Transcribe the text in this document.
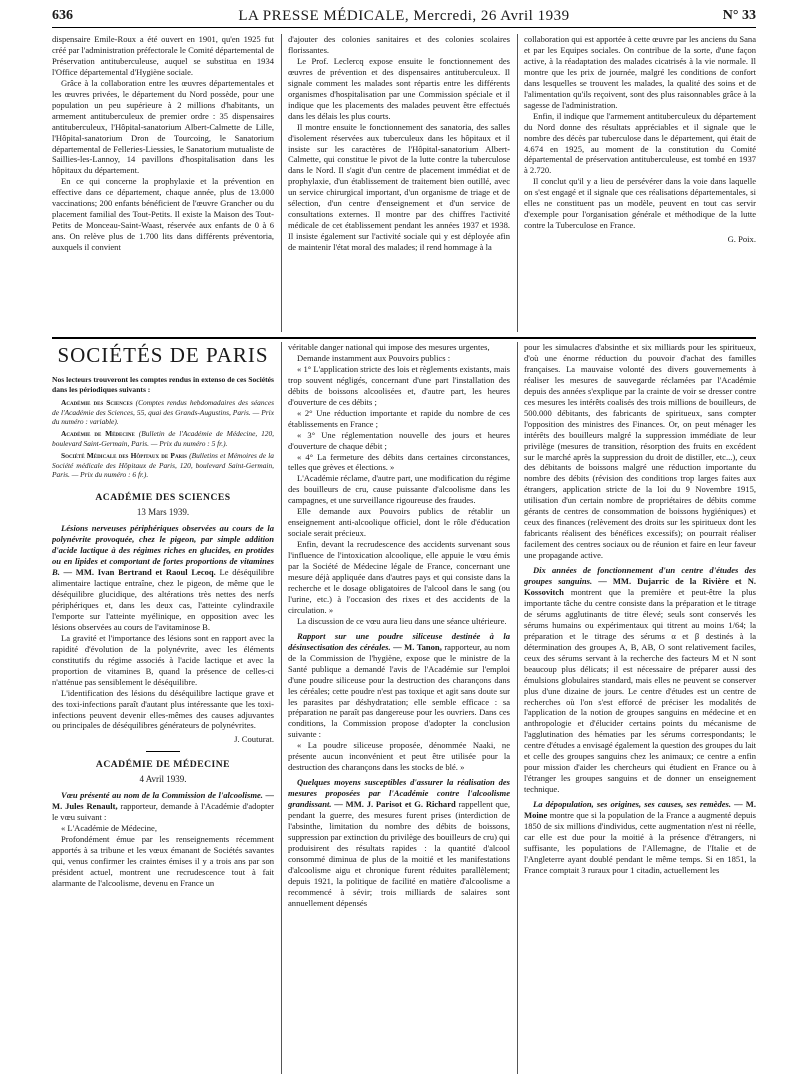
636	LA PRESSE MÉDICALE, Mercredi, 26 Avril 1939	N° 33

dispensaire Emile-Roux a été ouvert en 1901, qu'en 1925 fut créé par l'administration préfectorale le Comité départemental de Préservation antituberculeuse, auquel se substitua en 1934 l'Office départemental d'Hygiène sociale.

Grâce à la collaboration entre les œuvres départementales et les œuvres privées, le département du Nord possède, pour une population un peu supérieure à 2 millions d'habitants, un armement antituberculeux de premier ordre : 35 dispensaires antituberculeux, l'Hôpital-sanatorium Albert-Calmette de Lille, l'Hôpital-sanatorium Dron de Tourcoing, le Sanatorium départemental de Felleries-Liessies, le Sanatorium mutualiste de Saillies-les-Lannoy, 14 pavillons d'hospitalisation dans les hôpitaux du département.

En ce qui concerne la prophylaxie et la prévention en effective dans ce département, chaque année, plus de 13.000 vaccinations; 200 enfants bénéficient de l'œuvre Grancher ou du placement familial des Tout-Petits. Il existe la Maison des Tout-Petits de Monceau-Saint-Waast, réservée aux enfants de 0 à 6 ans. On relève plus de 1.700 lits dans différents préventoria, auxquels il convient

d'ajouter des colonies sanitaires et des colonies scolaires florissantes.

Le Prof. Leclercq expose ensuite le fonctionnement des œuvres de prévention et des dispensaires antituberculeux. Il signale comment les malades sont répartis entre les différents organismes d'hospitalisation par une Commission spéciale et il indique que les placements des malades peuvent être effectués dans les délais les plus courts.

Il montre ensuite le fonctionnement des sanatoria, des salles d'isolement réservées aux tuberculeux dans les hôpitaux et il insiste sur les caractères de l'Hôpital-sanatorium Albert-Calmette, qui constitue le pivot de la lutte contre la tuberculose dans le Nord. Il s'agit d'un centre de placement immédiat et de prophylaxie, d'un établissement de traitement bien outillé, avec un service chirurgical important, d'un organisme de triage et de sélection, d'un centre d'enseignement et d'un service de consultations externes. Il montre par des chiffres l'activité médicale de cet établissement pendant les années 1937 et 1938. Il insiste également sur l'activité sociale qui y est déployée afin de maintenir l'état moral des malades; il rend hommage à la

collaboration qui est apportée à cette œuvre par les anciens du Sana et par les Equipes sociales. On contribue de la sorte, d'une façon active, à la réadaptation des malades cicatrisés à la vie normale. Il montre que les prix de journée, malgré les conditions de confort dans lesquelles se trouvent les malades, la qualité des soins et de l'alimentation qu'ils reçoivent, sont des plus raisonnables grâce à la sagesse de l'administration.

Enfin, il indique que l'armement antituberculeux du département du Nord donne des résultats appréciables et il signale que le nombre des décès par tuberculose dans le département, qui était de 4.674 en 1925, au moment de la constitution du Comité départemental de préservation antituberculeuse, est tombé en 1937 à 2.720.

Il conclut qu'il y a lieu de persévérer dans la voie dans laquelle on s'est engagé et il signale que ces réalisations départementales, si elles ne constituent pas un modèle, peuvent en tout cas servir d'exemple pour l'organisation générale et méthodique de la lutte contre la Tuberculose en France.

G. Poix.
SOCIÉTÉS DE PARIS
Nos lecteurs trouveront les comptes rendus in extenso de ces Sociétés dans les périodiques suivants :
Académie des Sciences (Comptes rendus hebdomadaires des séances de l'Académie des Sciences, 55, quai des Grands-Augustins, Paris. — Prix du numéro : variable).
Académie de Médecine (Bulletin de l'Académie de Médecine, 120, boulevard Saint-Germain, Paris. — Prix du numéro : 5 fr.).
Société Médicale des Hôpitaux de Paris (Bulletins et Mémoires de la Société médicale des Hôpitaux de Paris, 120, boulevard Saint-Germain, Paris. — Prix du numéro : 6 fr.).
ACADÉMIE DES SCIENCES
13 Mars 1939.

Lésions nerveuses périphériques observées au cours de la polynévrite provoquée, chez le pigeon, par simple addition d'acide lactique à des régimes riches en glucides, en protides ou en lipides et comportant de fortes proportions de vitamines B. — MM. Ivan Bertrand et Raoul Lecoq. Le déséquilibre alimentaire lactique entraîne, chez le pigeon, de même que le déséquilibre glucidique, des altérations très nettes des nerfs périphériques et, dans les deux cas, l'atteinte cylindraxile l'emporte sur l'atteinte myélinique, en opposition avec les lésions observées au cours de l'avitaminose B.

La gravité et l'importance des lésions sont en rapport avec la rapidité d'évolution de la polynévrite, avec les éléments constitutifs du régime associés à l'acide lactique et avec la proportion de vitamines B, quand la présence de celles-ci n'atténue pas sensiblement le déséquilibre.

L'identification des lésions du déséquilibre lactique grave et des toxi-infections paraît d'autant plus intéressante que les toxi-infections peuvent devenir elles-mêmes des causes adjuvantes ou principales de déséquilibres générateurs de polynévrites.

J. Couturat.
ACADÉMIE DE MÉDECINE
4 Avril 1939.

Vœu présenté au nom de la Commission de l'alcoolisme. — M. Jules Renault, rapporteur, demande à l'Académie d'adopter le vœu suivant :

« L'Académie de Médecine,

Profondément émue par les renseignements récemment apportés à sa tribune et les vœux émanant de Sociétés savantes qui, venus confirmer les craintes émises il y a trois ans par son président actuel, montrent une recrudescence tout à fait alarmante de l'alcoolisme, devenu en France un

véritable danger national qui impose des mesures urgentes,

Demande instamment aux Pouvoirs publics :

« 1° L'application stricte des lois et règlements existants, mais trop souvent négligés, concernant d'une part l'installation des débits de boissons alcoolisées et, d'autre part, les heures d'ouverture de ces débits ;

« 2° Une réduction importante et rapide du nombre de ces établissements en France ;

« 3° Une réglementation nouvelle des jours et heures d'ouverture de chaque débit ;

« 4° La fermeture des débits dans certaines circonstances, telles que grèves et élections. »

L'Académie réclame, d'autre part, une modification du régime des bouilleurs de cru, cause puissante d'alcoolisme dans les campagnes, et une surveillance rigoureuse des fraudes.

Elle demande aux Pouvoirs publics de rétablir un enseignement anti-alcoolique officiel, dont le rôle d'éducation sociale serait précieux.

Enfin, devant la recrudescence des accidents survenant sous l'influence de l'intoxication alcoolique, elle appuie le vœu émis par la Société de Médecine légale de France, concernant une mesure déjà appliquée dans d'autres pays et qui consiste dans la recherche et le dosage obligatoires de l'alcool dans le sang (ou l'urine, etc.) à l'occasion des rixes et des accidents de la circulation. »

La discussion de ce vœu aura lieu dans une séance ultérieure.

Rapport sur une poudre siliceuse destinée à la désinsectisation des céréales. — M. Tanon, rapporteur, au nom de la Commission de l'hygiène, expose que le ministre de la Santé publique a demandé l'avis de l'Académie sur l'emploi d'une poudre siliceuse pour la destruction des charançons dans les céréales; cette poudre n'est pas toxique et agit sans doute sur les parasites par déshydratation; elle semble efficace : sa préparation ne paraît pas dangereuse pour les ouvriers. Dans ces conditions, la Commission propose d'adopter la conclusion suivante :

« La poudre siliceuse proposée, dénommée Naaki, ne présente aucun inconvénient et peut être utilisée pour la destruction des charançons dans les stocks de blé. »

Quelques moyens susceptibles d'assurer la réalisation des mesures proposées par l'Académie contre l'alcoolisme grandissant. — MM. J. Parisot et G. Richard rappellent que, pendant la guerre, des mesures furent prises (interdiction de l'absinthe, limitation du nombre des débits de boissons, suppression par extinction du privilège des bouilleurs de cru) qui produisirent des résultats rapides : la quantité d'alcool consommé diminua de plus de la moitié et les manifestations d'alcoolisme aigu et chronique furent réduites parallèlement; depuis 1921, la politique de facilité en matière d'alcoolisme a recommencé à sévir; trois milliards de salaires sont annuellement dépensés

pour les simulacres d'absinthe et six milliards pour les spiritueux, d'où une énorme réduction du pouvoir d'achat des familles françaises. La mauvaise volonté des divers gouvernements à réaliser les mesures de sauvegarde réclamées par l'Académie depuis des années s'explique par la crainte de voir se dresser contre ces mesures les intérêts coalisés des trois millions de bouilleurs, de 500.000 débitants, des fabricants de spiritueux, sans compter l'opposition des ministres des Finances. Or, on peut ménager les intérêts des bouilleurs malgré la suppression immédiate de leur privilège (mesures de transition, résorption des fruits en excédent sur le marché après la suppression du droit de distiller, etc...), ceux des débitants de boissons malgré une réduction importante du nombre des débits (révision des conditions trop larges faites aux étrangers, application stricte de la loi du 9 Novembre 1915, utilisation d'un certain nombre de propriétaires de débits comme gérants de centres de consommation de boissons hygiéniques) et ceux des finances (relèvement des droits sur les spiritueux dont les fabricants réalisent des bénéfices excessifs); on pourrait réaliser facilement des centres sociaux ou de réunion et faire en leur faveur une propagande active.

Dix années de fonctionnement d'un centre d'études des groupes sanguins. — MM. Dujarric de la Rivière et N. Kossovitch montrent que la première et peut-être la plus importante tâche du centre consiste dans la préparation et le titrage de sérums agglutinants de titre élevé; seuls sont conservés les sérums humains ou expérimentaux qui titrent au moins 1/64; la préparation et le titrage des sérums α et β destinés à la détermination des groupes A, B, AB, O sont relativement faciles, ceux des sérums servant à la recherche des facteurs M et N sont beaucoup plus délicats; il est nécessaire de préparer aussi des émulsions globulaires standard, mais elles ne peuvent se conserver plus d'une dizaine de jours. Le centre d'études est un centre de recherches où l'on s'est efforcé de préciser les modalités de l'application de la notion de groupes sanguins en médecine et en anthropologie et d'élucider certains points du mécanisme de l'agglutination des hématies par les sérums correspondants; le centre d'études a envisagé également la question des groupes du lait et celle des groupes sanguins chez les animaux; ce centre a enfin pour mission d'aider les chercheurs qui étudient en France ou à l'étranger les groupes sanguins et de donner un enseignement technique.

La dépopulation, ses origines, ses causes, ses remèdes. — M. Moine montre que si la population de la France a augmenté depuis 1850 de six millions d'individus, cette augmentation n'est ni réelle, car elle est due pour la moitié à la présence d'étrangers, ni suffisante, les populations de l'Allemagne, de l'Italie et de l'Angleterre ayant doublé pendant le même temps. Si en 1851, la France comptait 3 ruraux pour 1 citadin, actuellement les
